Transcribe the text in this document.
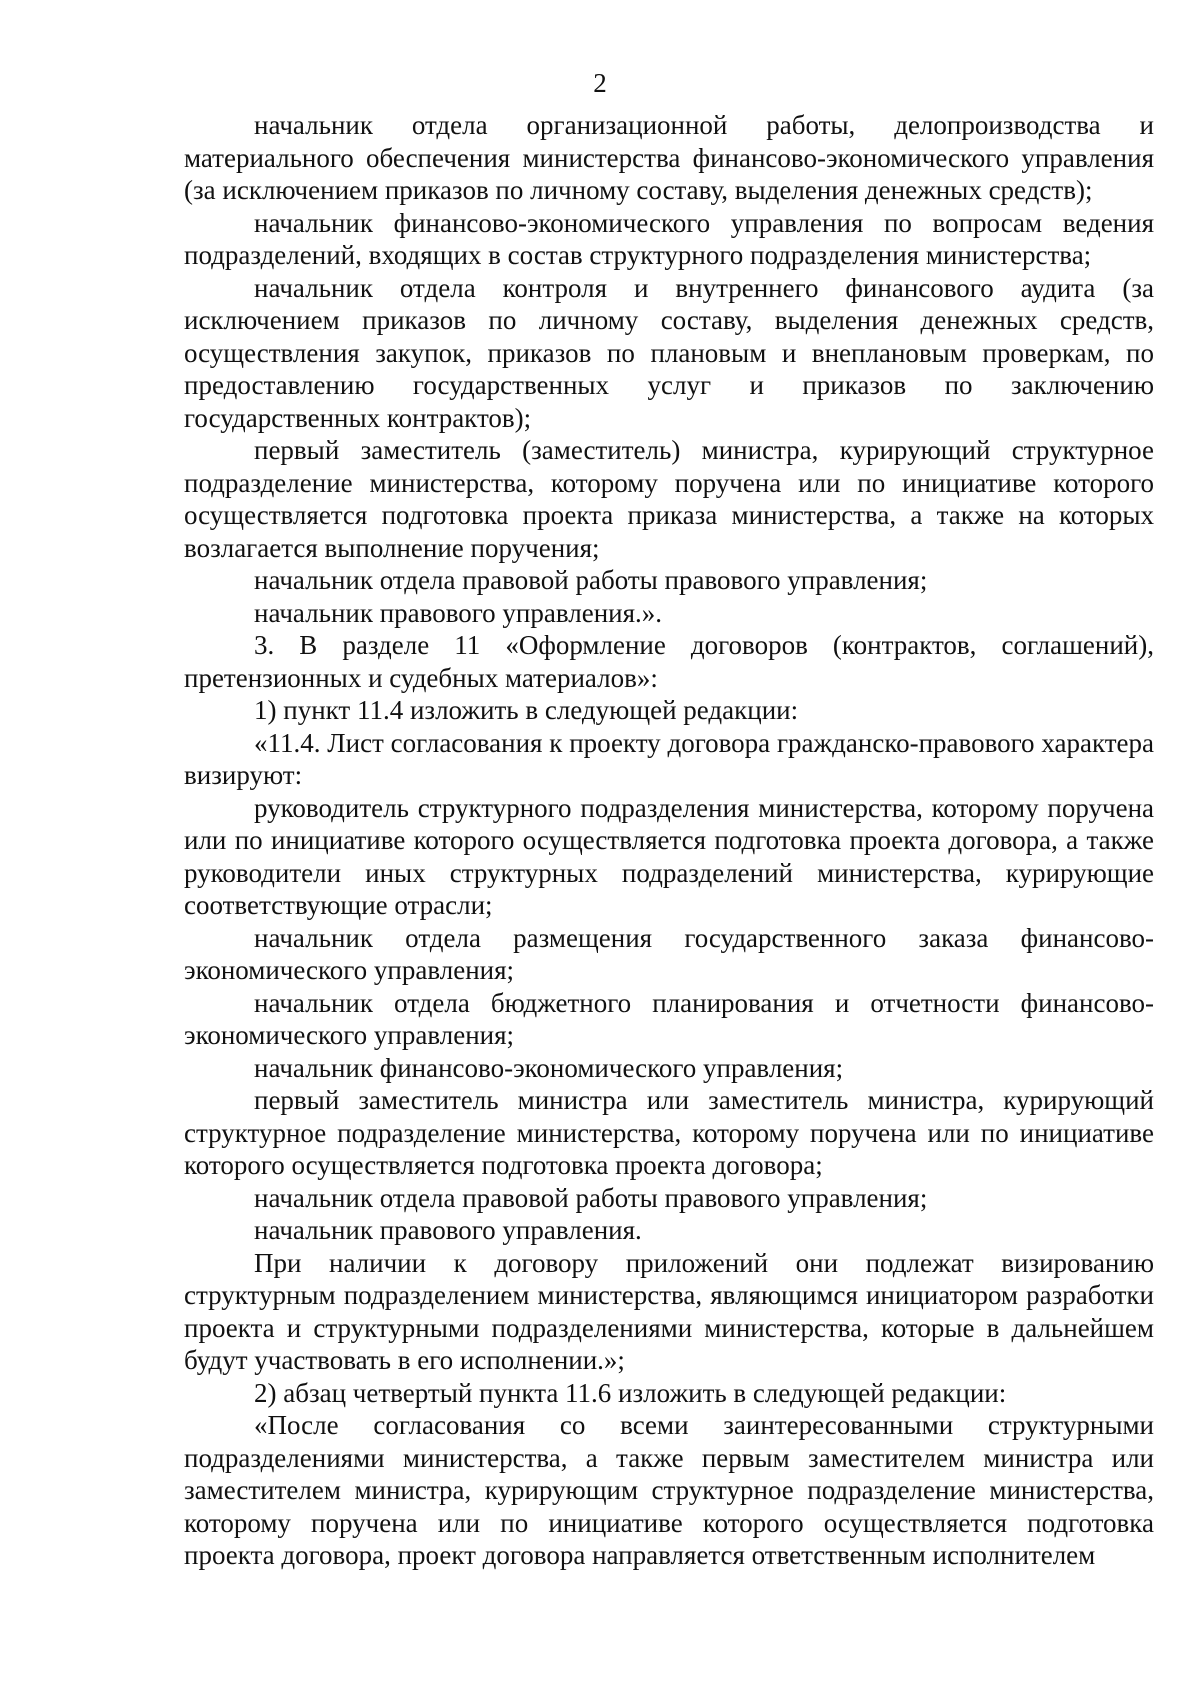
2

начальник отдела организационной работы, делопроизводства и материального обеспечения министерства финансово-экономического управления (за исключением приказов по личному составу, выделения денежных средств);

начальник финансово-экономического управления по вопросам ведения подразделений, входящих в состав структурного подразделения министерства;

начальник отдела контроля и внутреннего финансового аудита (за исключением приказов по личному составу, выделения денежных средств, осуществления закупок, приказов по плановым и внеплановым проверкам, по предоставлению государственных услуг и приказов по заключению государственных контрактов);

первый заместитель (заместитель) министра, курирующий структурное подразделение министерства, которому поручена или по инициативе которого осуществляется подготовка проекта приказа министерства, а также на которых возлагается выполнение поручения;

начальник отдела правовой работы правового управления;

начальник правового управления.».

3. В разделе 11 «Оформление договоров (контрактов, соглашений), претензионных и судебных материалов»:

1) пункт 11.4 изложить в следующей редакции:

«11.4. Лист согласования к проекту договора гражданско-правового характера визируют:

руководитель структурного подразделения министерства, которому поручена или по инициативе которого осуществляется подготовка проекта договора, а также руководители иных структурных подразделений министерства, курирующие соответствующие отрасли;

начальник отдела размещения государственного заказа финансово-экономического управления;

начальник отдела бюджетного планирования и отчетности финансово-экономического управления;

начальник финансово-экономического управления;

первый заместитель министра или заместитель министра, курирующий структурное подразделение министерства, которому поручена или по инициативе которого осуществляется подготовка проекта договора;

начальник отдела правовой работы правового управления;

начальник правового управления.

При наличии к договору приложений они подлежат визированию структурным подразделением министерства, являющимся инициатором разработки проекта и структурными подразделениями министерства, которые в дальнейшем будут участвовать в его исполнении.»;

2) абзац четвертый пункта 11.6 изложить в следующей редакции:

«После согласования со всеми заинтересованными структурными подразделениями министерства, а также первым заместителем министра или заместителем министра, курирующим структурное подразделение министерства, которому поручена или по инициативе которого осуществляется подготовка проекта договора, проект договора направляется ответственным исполнителем
